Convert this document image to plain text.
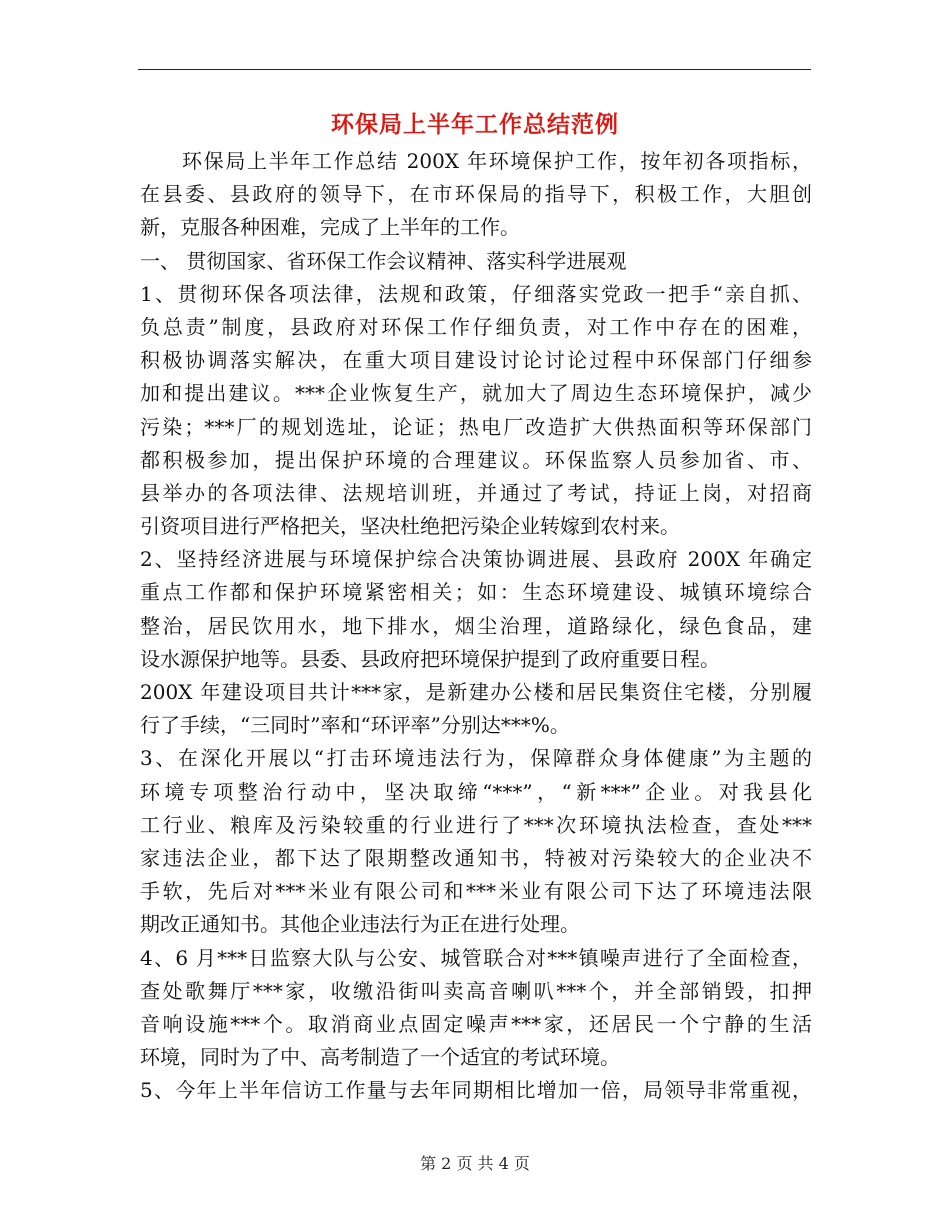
环保局上半年工作总结范例
环保局上半年工作总结 200X 年环境保护工作，按年初各项指标，
在县委、县政府的领导下，在市环保局的指导下，积极工作，大胆创
新，克服各种困难，完成了上半年的工作。
一、 贯彻国家、省环保工作会议精神、落实科学进展观
1、贯彻环保各项法律，法规和政策，仔细落实党政一把手“亲自抓、
负总责”制度，县政府对环保工作仔细负责，对工作中存在的困难，
积极协调落实解决，在重大项目建设讨论讨论过程中环保部门仔细参
加和提出建议。***企业恢复生产，就加大了周边生态环境保护，减少
污染；***厂的规划选址，论证；热电厂改造扩大供热面积等环保部门
都积极参加，提出保护环境的合理建议。环保监察人员参加省、市、
县举办的各项法律、法规培训班，并通过了考试，持证上岗，对招商
引资项目进行严格把关，坚决杜绝把污染企业转嫁到农村来。
2、坚持经济进展与环境保护综合决策协调进展、县政府 200X 年确定
重点工作都和保护环境紧密相关；如：生态环境建设、城镇环境综合
整治，居民饮用水，地下排水，烟尘治理，道路绿化，绿色食品，建
设水源保护地等。县委、县政府把环境保护提到了政府重要日程。
200X 年建设项目共计***家，是新建办公楼和居民集资住宅楼，分别履
行了手续，“三同时”率和“环评率”分别达***%。
3、在深化开展以“打击环境违法行为，保障群众身体健康”为主题的
环境专项整治行动中，坚决取缔“***”，“新***”企业。对我县化
工行业、粮库及污染较重的行业进行了***次环境执法检查，查处***
家违法企业，都下达了限期整改通知书，特被对污染较大的企业决不
手软，先后对***米业有限公司和***米业有限公司下达了环境违法限
期改正通知书。其他企业违法行为正在进行处理。
4、6 月***日监察大队与公安、城管联合对***镇噪声进行了全面检查，
查处歌舞厅***家，收缴沿街叫卖高音喇叭***个，并全部销毁，扣押
音响设施***个。取消商业点固定噪声***家，还居民一个宁静的生活
环境，同时为了中、高考制造了一个适宜的考试环境。
5、今年上半年信访工作量与去年同期相比增加一倍，局领导非常重视，
第 2 页 共 4 页
